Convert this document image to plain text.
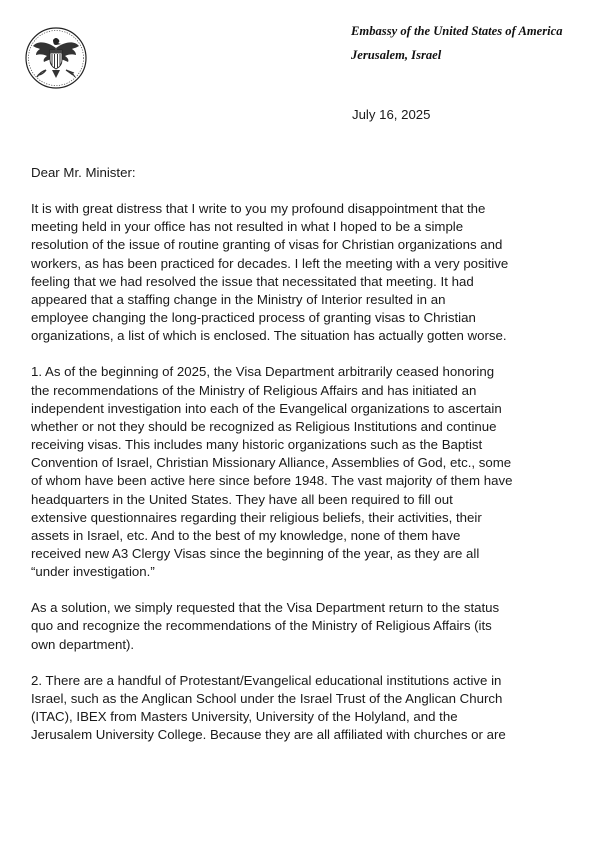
Embassy of the United States of America
Jerusalem, Israel
July 16, 2025

Dear Mr. Minister:

It is with great distress that I write to you my profound disappointment that the
meeting held in your office has not resulted in what I hoped to be a simple
resolution of the issue of routine granting of visas for Christian organizations and
workers, as has been practiced for decades. I left the meeting with a very positive
feeling that we had resolved the issue that necessitated that meeting. It had
appeared that a staffing change in the Ministry of Interior resulted in an
employee changing the long-practiced process of granting visas to Christian
organizations, a list of which is enclosed. The situation has actually gotten worse.

1. As of the beginning of 2025, the Visa Department arbitrarily ceased honoring
the recommendations of the Ministry of Religious Affairs and has initiated an
independent investigation into each of the Evangelical organizations to ascertain
whether or not they should be recognized as Religious Institutions and continue
receiving visas. This includes many historic organizations such as the Baptist
Convention of Israel, Christian Missionary Alliance, Assemblies of God, etc., some
of whom have been active here since before 1948. The vast majority of them have
headquarters in the United States. They have all been required to fill out
extensive questionnaires regarding their religious beliefs, their activities, their
assets in Israel, etc. And to the best of my knowledge, none of them have
received new A3 Clergy Visas since the beginning of the year, as they are all
“under investigation.”

As a solution, we simply requested that the Visa Department return to the status
quo and recognize the recommendations of the Ministry of Religious Affairs (its
own department).

2. There are a handful of Protestant/Evangelical educational institutions active in
Israel, such as the Anglican School under the Israel Trust of the Anglican Church
(ITAC), IBEX from Masters University, University of the Holyland, and the
Jerusalem University College. Because they are all affiliated with churches or are
